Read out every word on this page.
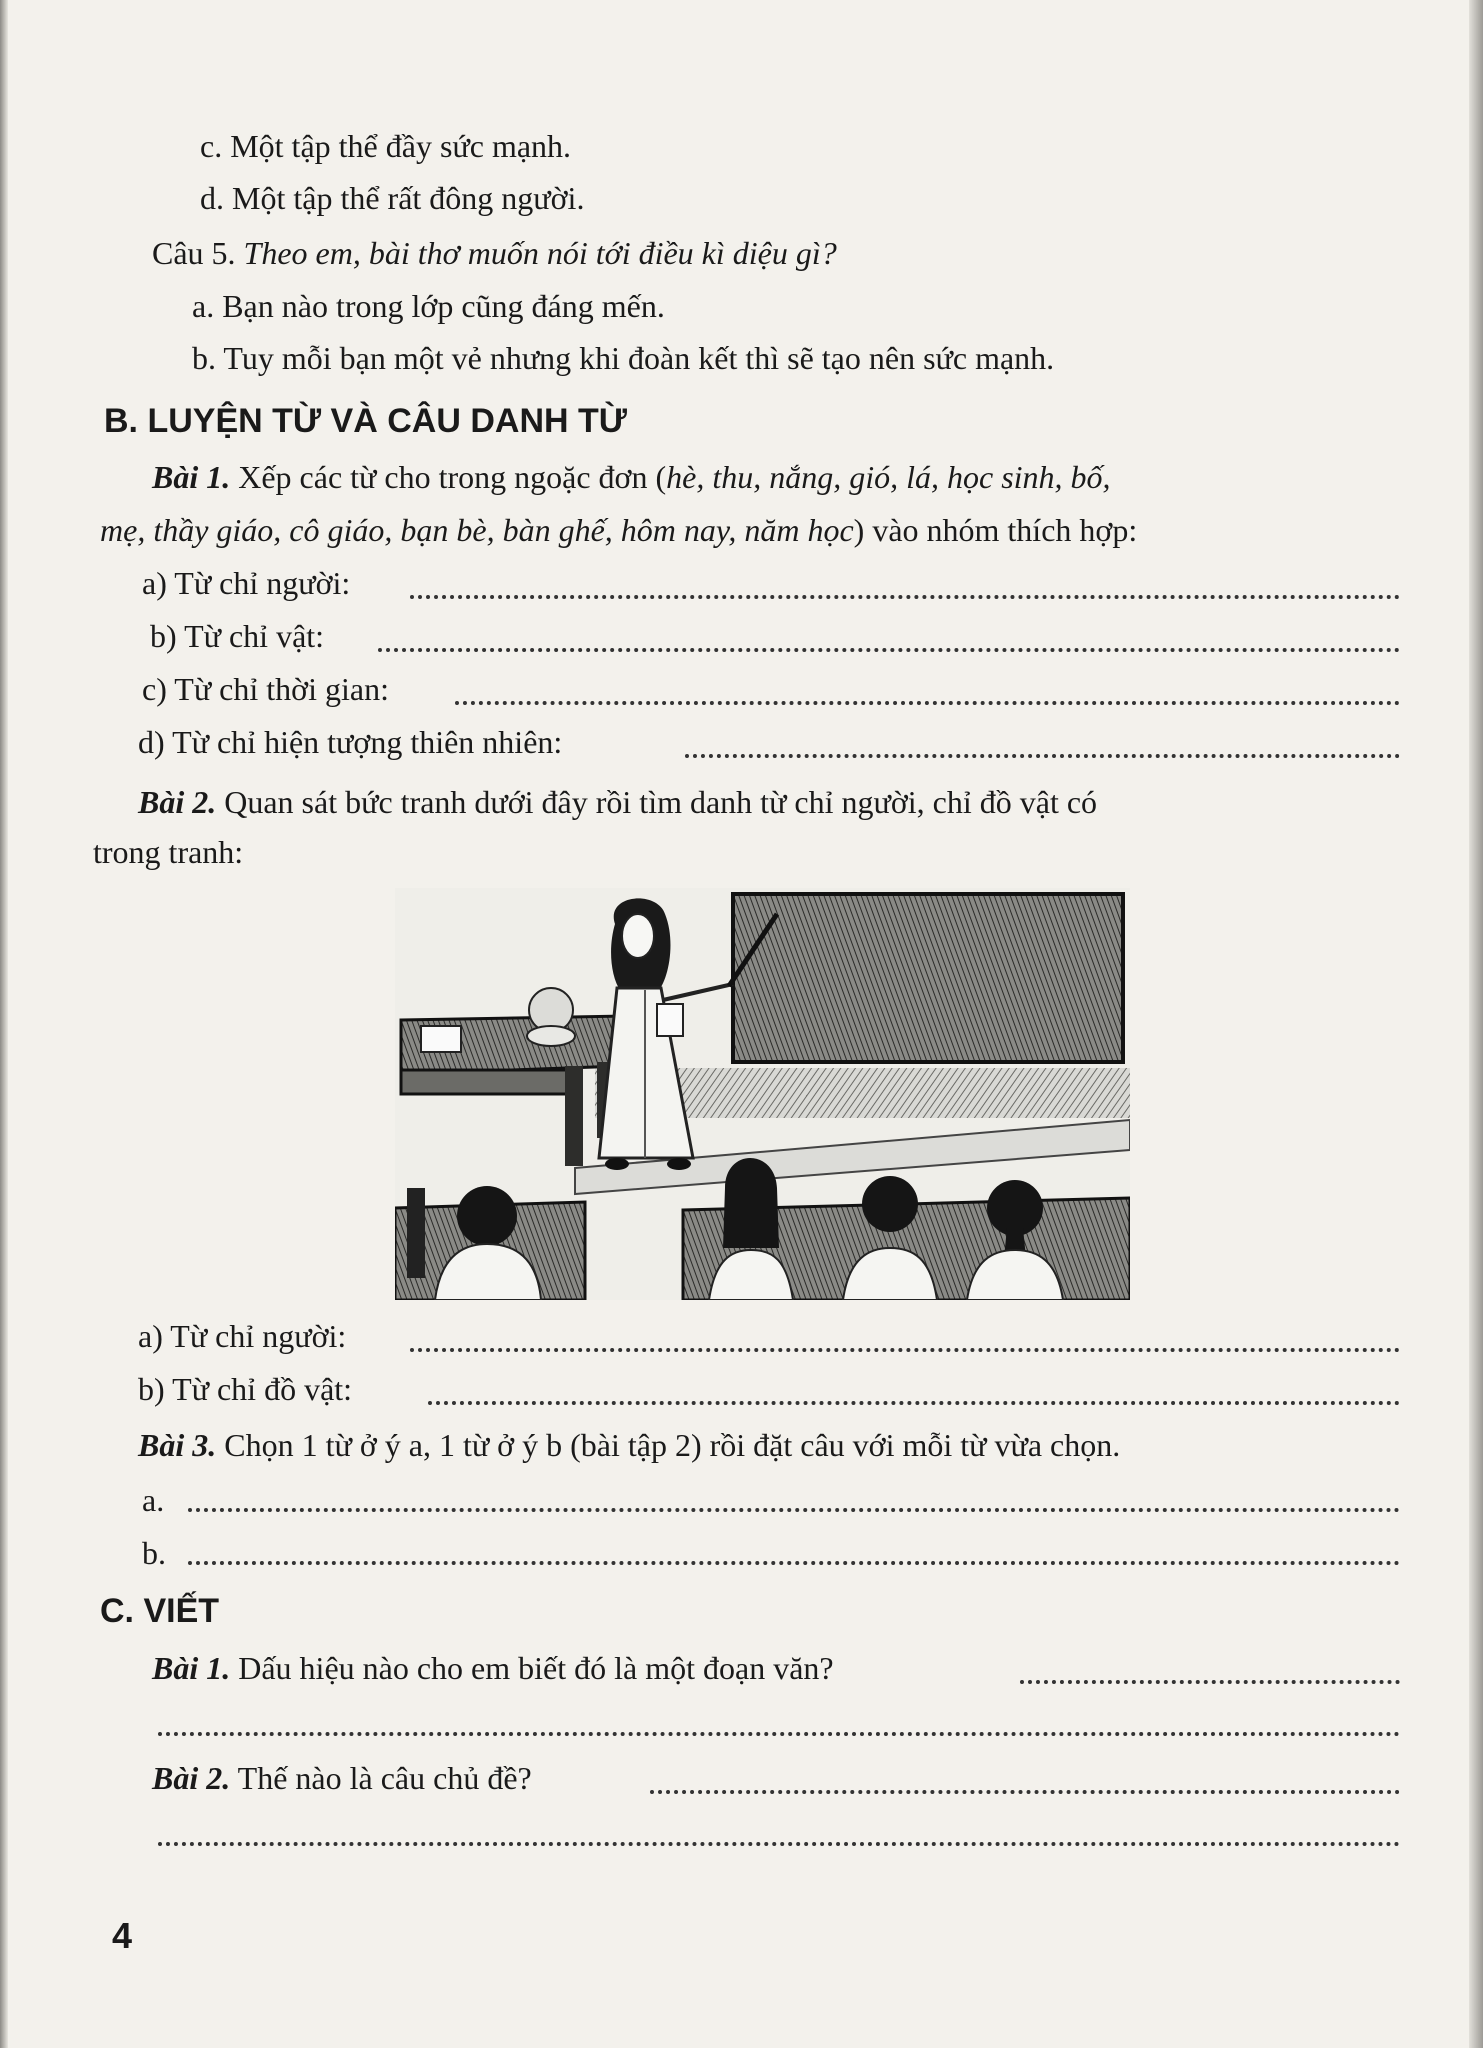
c. Một tập thể đầy sức mạnh.
d. Một tập thể rất đông người.
Câu 5. Theo em, bài thơ muốn nói tới điều kì diệu gì?
a. Bạn nào trong lớp cũng đáng mến.
b. Tuy mỗi bạn một vẻ nhưng khi đoàn kết thì sẽ tạo nên sức mạnh.
B. LUYỆN TỪ VÀ CÂU DANH TỪ
Bài 1. Xếp các từ cho trong ngoặc đơn (hè, thu, nắng, gió, lá, học sinh, bố,
mẹ, thầy giáo, cô giáo, bạn bè, bàn ghế, hôm nay, năm học) vào nhóm thích hợp:
a) Từ chỉ người:
b) Từ chỉ vật:
c) Từ chỉ thời gian:
d) Từ chỉ hiện tượng thiên nhiên:
Bài 2. Quan sát bức tranh dưới đây rồi tìm danh từ chỉ người, chỉ đồ vật có
trong tranh:
a) Từ chỉ người:
b) Từ chỉ đồ vật:
Bài 3. Chọn 1 từ ở ý a, 1 từ ở ý b (bài tập 2) rồi đặt câu với mỗi từ vừa chọn.
a.
b.
C. VIẾT
Bài 1. Dấu hiệu nào cho em biết đó là một đoạn văn?
Bài 2. Thế nào là câu chủ đề?
4
